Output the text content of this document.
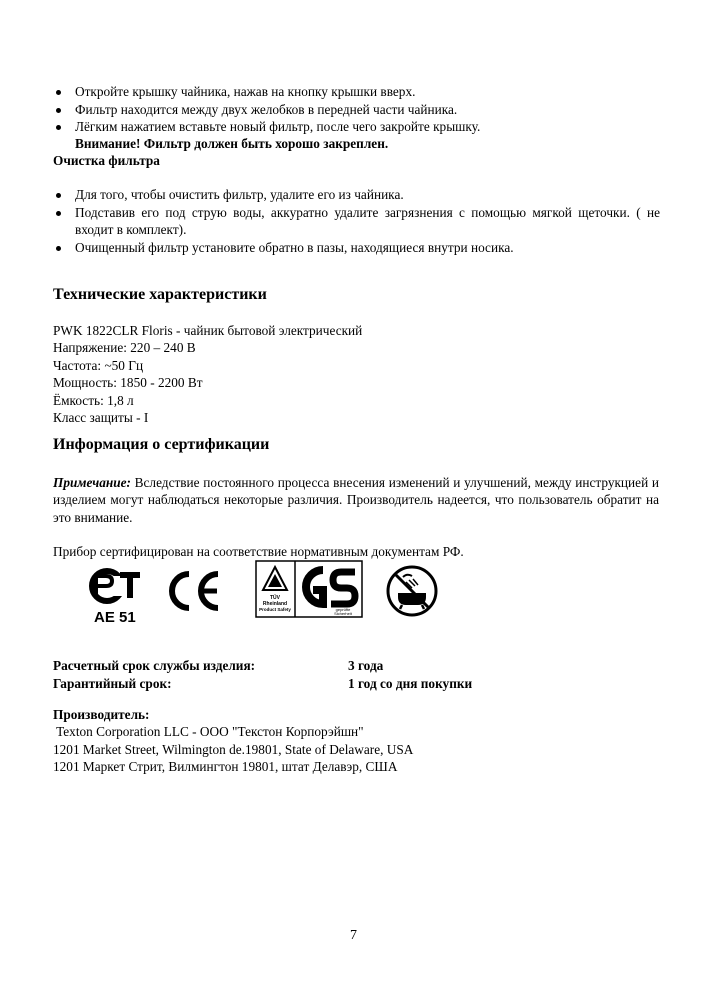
Откройте крышку чайника, нажав на кнопку крышки вверх.
Фильтр находится между двух желобков в передней части чайника.
Лёгким нажатием вставьте новый фильтр, после чего закройте крышку.
Внимание! Фильтр должен быть хорошо закреплен.
Очистка фильтра
Для того, чтобы очистить фильтр, удалите его из чайника.
Подставив его под струю воды, аккуратно удалите загрязнения с помощью мягкой щеточки. ( не входит в комплект).
Очищенный фильтр установите обратно в пазы, находящиеся внутри носика.
Технические характеристики

PWK 1822CLR Floris - чайник бытовой электрический

Напряжение: 220 – 240 В

Частота: ~50 Гц

Мощность: 1850 - 2200 Вт

Ёмкость: 1,8 л

Класс защиты - I

Информация о сертификации
Примечание: Вследствие постоянного процесса внесения изменений и улучшений, между инструкцией и изделием могут наблюдаться некоторые различия. Производитель надеется, что пользователь обратит на это внимание.
Прибор сертифицирован на соответствие нормативным документам РФ.
AE 51
CE
TÜV
Rheinland
Product Safety	geprüfte
Sicherheit
GS
Расчетный срок службы изделия:	3 года
Гарантийный срок:	1 год со дня покупки

Производитель:

Texton Corporation LLC - ООО "Текстон Корпорэйшн"

1201 Market Street, Wilmington de.19801, State of Delaware, USA

1201 Маркет Стрит, Вилмингтон 19801, штат Делавэр, США

7
